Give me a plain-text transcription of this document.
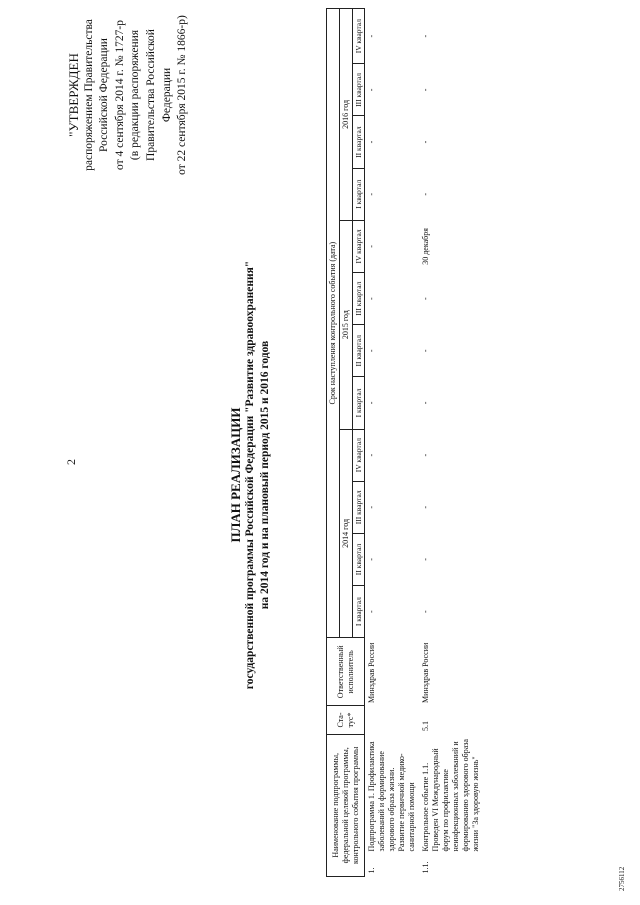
2
"УТВЕРЖДЕН распоряжением Правительства Российской Федерации от 4 сентября 2014 г. № 1727-р (в редакции распоряжения Правительства Российской Федерации от 22 сентября 2015 г. № 1866-р)
ПЛАН РЕАЛИЗАЦИИ государственной программы Российской Федерации "Развитие здравоохранения" на 2014 год и на плановый период 2015 и 2016 годов
Наименование подпрограммы, федеральной целевой программы, контрольного события программы		Ста-тус*	Ответственный исполнитель	Срок наступления контрольного события (дата)											
				2014 год				2015 год				2016 год			
				I квартал	II квартал	III квартал	IV квартал	I квартал	II квартал	III квартал	IV квартал	I квартал	II квартал	III квартал	IV квартал
1.	Подпрограмма 1. Профилактика заболеваний и формирование здорового образа жизни. Развитие первичной медико-санитарной помощи		Минздрав России	-	-	-	-	-	-	-	-	-	-	-	-
1.1.	Контрольное событие 1.1. Проведен VI Международный форум по профилактике неинфекционных заболеваний и формированию здорового образа жизни "За здоровую жизнь"	5.1	Минздрав России	-	-	-	-	-	-	-	30 декабря	-	-	-	-
2756112
